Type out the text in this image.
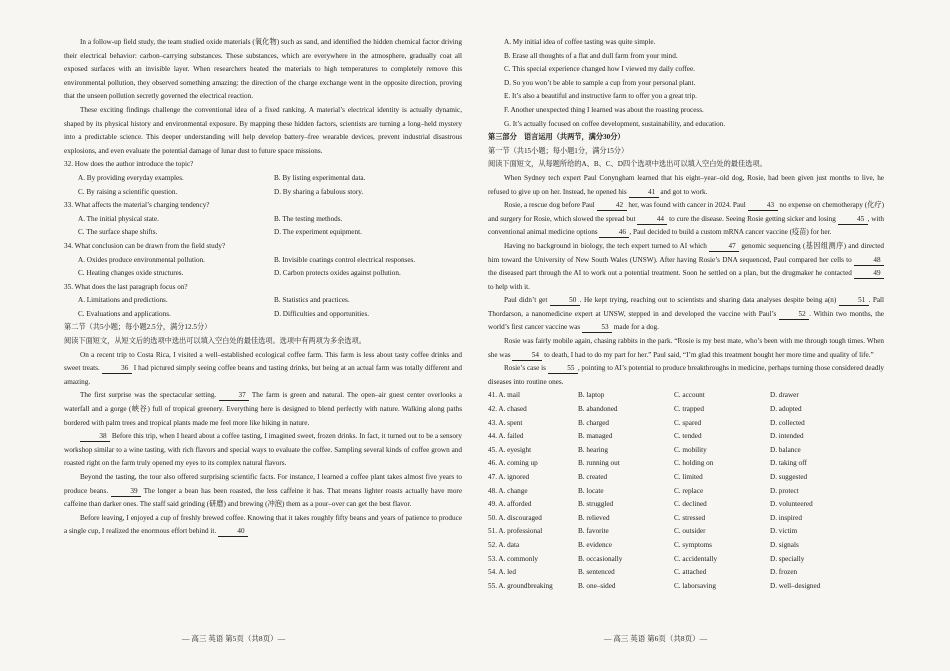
In a follow-up field study, the team studied oxide materials (氧化物) such as sand, and identified the hidden chemical factor driving their electrical behavior: carbon–carrying substances. These substances, which are everywhere in the atmosphere, gradually coat all exposed surfaces with an invisible layer. When researchers heated the materials to high temperatures to completely remove this environmental pollution, they observed something amazing: the direction of the charge exchange went in the opposite direction, proving that the unseen pollution secretly governed the electrical reaction.

These exciting findings challenge the conventional idea of a fixed ranking. A material’s electrical identity is actually dynamic, shaped by its physical history and environmental exposure. By mapping these hidden factors, scientists are turning a long–held mystery into a predictable science. This deeper understanding will help develop battery–free wearable devices, prevent industrial disastrous explosions, and even evaluate the potential damage of lunar dust to future space missions.

32. How does the author introduce the topic?

A. By providing everyday examples.	B. By listing experimental data.
C. By raising a scientific question.	D. By sharing a fabulous story.

33. What affects the material’s charging tendency?

A. The initial physical state.	B. The testing methods.
C. The surface shape shifts.	D. The experiment equipment.

34. What conclusion can be drawn from the field study?

A. Oxides produce environmental pollution.	B. Invisible coatings control electrical responses.
C. Heating changes oxide structures.	D. Carbon protects oxides against pollution.

35. What does the last paragraph focus on?

A. Limitations and predictions.	B. Statistics and practices.
C. Evaluations and applications.	D. Difficulties and opportunities.

第二节（共5小题；每小题2.5分，满分12.5分）

阅读下面短文，从短文后的选项中选出可以填入空白处的最佳选项。选项中有两项为多余选项。

On a recent trip to Costa Rica, I visited a well–established ecological coffee farm. This farm is less about tasty coffee drinks and sweet treats.	36 I had pictured simply seeing coffee beans and tasting drinks, but being at an actual farm was totally different and amazing.

The first surprise was the spectacular setting.	37 The farm is green and natural. The open–air guest center overlooks a waterfall and a gorge (峡谷) full of tropical greenery. Everything here is designed to blend perfectly with nature. Walking along paths bordered with palm trees and tropical plants made me feel more like hiking in nature.

38 Before this trip, when I heard about a coffee tasting, I imagined sweet, frozen drinks. In fact, it turned out to be a sensory workshop similar to a wine tasting, with rich flavors and special ways to evaluate the coffee. Sampling several kinds of coffee grown and roasted right on the farm truly opened my eyes to its complex natural flavors.

Beyond the tasting, the tour also offered surprising scientific facts. For instance, I learned a coffee plant takes almost five years to produce beans.	39 The longer a bean has been roasted, the less caffeine it has. That means lighter roasts actually have more caffeine than darker ones. The staff said grinding (研磨) and brewing (冲泡) them as a pour–over can get the best flavor.

Before leaving, I enjoyed a cup of freshly brewed coffee. Knowing that it takes roughly fifty beans and years of patience to produce a single cup, I realized the enormous effort behind it.	40

A. My initial idea of coffee tasting was quite simple.

B. Erase all thoughts of a flat and dull farm from your mind.

C. This special experience changed how I viewed my daily coffee.

D. So you won’t be able to sample a cup from your personal plant.

E. It’s also a beautiful and instructive farm to offer you a great trip.

F. Another unexpected thing I learned was about the roasting process.

G. It’s actually focused on coffee development, sustainability, and education.

第三部分　语言运用（共两节，满分30分）

第一节（共15小题；每小题1分，满分15分）

阅读下面短文，从每题所给的A、B、C、D四个选项中选出可以填入空白处的最佳选项。

When Sydney tech expert Paul Conyngham learned that his eight–year–old dog, Rosie, had been given just months to live, he refused to give up on her. Instead, he opened his	41 and got to work.

Rosie, a rescue dog before Paul	42 her, was found with cancer in 2024. Paul	43 no expense on chemotherapy (化疗) and surgery for Rosie, which slowed the spread but	44 to cure the disease. Seeing Rosie getting sicker and losing	45 , with conventional animal medicine options	46 , Paul decided to build a custom mRNA cancer vaccine (疫苗) for her.

Having no background in biology, the tech expert turned to AI which	47 genomic sequencing (基因组测序) and directed him toward the University of New South Wales (UNSW). After having Rosie’s DNA sequenced, Paul compared her cells to	48 the diseased part through the AI to work out a potential treatment. Soon he settled on a plan, but the drugmaker he contacted	49 to help with it.

Paul didn’t get	50 . He kept trying, reaching out to scientists and sharing data analyses despite being a(n)	51 . Pall Thordarson, a nanomedicine expert at UNSW, stepped in and developed the vaccine with Paul’s	52 . Within two months, the world’s first cancer vaccine was	53 made for a dog.

Rosie was fairly mobile again, chasing rabbits in the park. “Rosie is my best mate, who’s been with me through tough times. When she was	54 to death, I had to do my part for her.” Paul said, “I’m glad this treatment bought her more time and quality of life.”

Rosie’s case is	55 , pointing to AI’s potential to produce breakthroughs in medicine, perhaps turning those considered deadly diseases into routine ones.

41. A. mail	B. laptop	C. account	D. drawer
42. A. chased	B. abandoned	C. trapped	D. adopted
43. A. spent	B. charged	C. spared	D. collected
44. A. failed	B. managed	C. tended	D. intended
45. A. eyesight	B. hearing	C. mobility	D. balance
46. A. coming up	B. running out	C. holding on	D. taking off
47. A. ignored	B. created	C. limited	D. suggested
48. A. change	B. locate	C. replace	D. protect
49. A. afforded	B. struggled	C. declined	D. volunteered
50. A. discouraged	B. relieved	C. stressed	D. inspired
51. A. professional	B. favorite	C. outsider	D. victim
52. A. data	B. evidence	C. symptoms	D. signals
53. A. commonly	B. occasionally	C. accidentally	D. specially
54. A. led	B. sentenced	C. attached	D. frozen
55. A. groundbreaking	B. one–sided	C. laborsaving	D. well–designed
— 高三 英语 第5页（共8页）—	— 高三 英语 第6页（共8页）—
